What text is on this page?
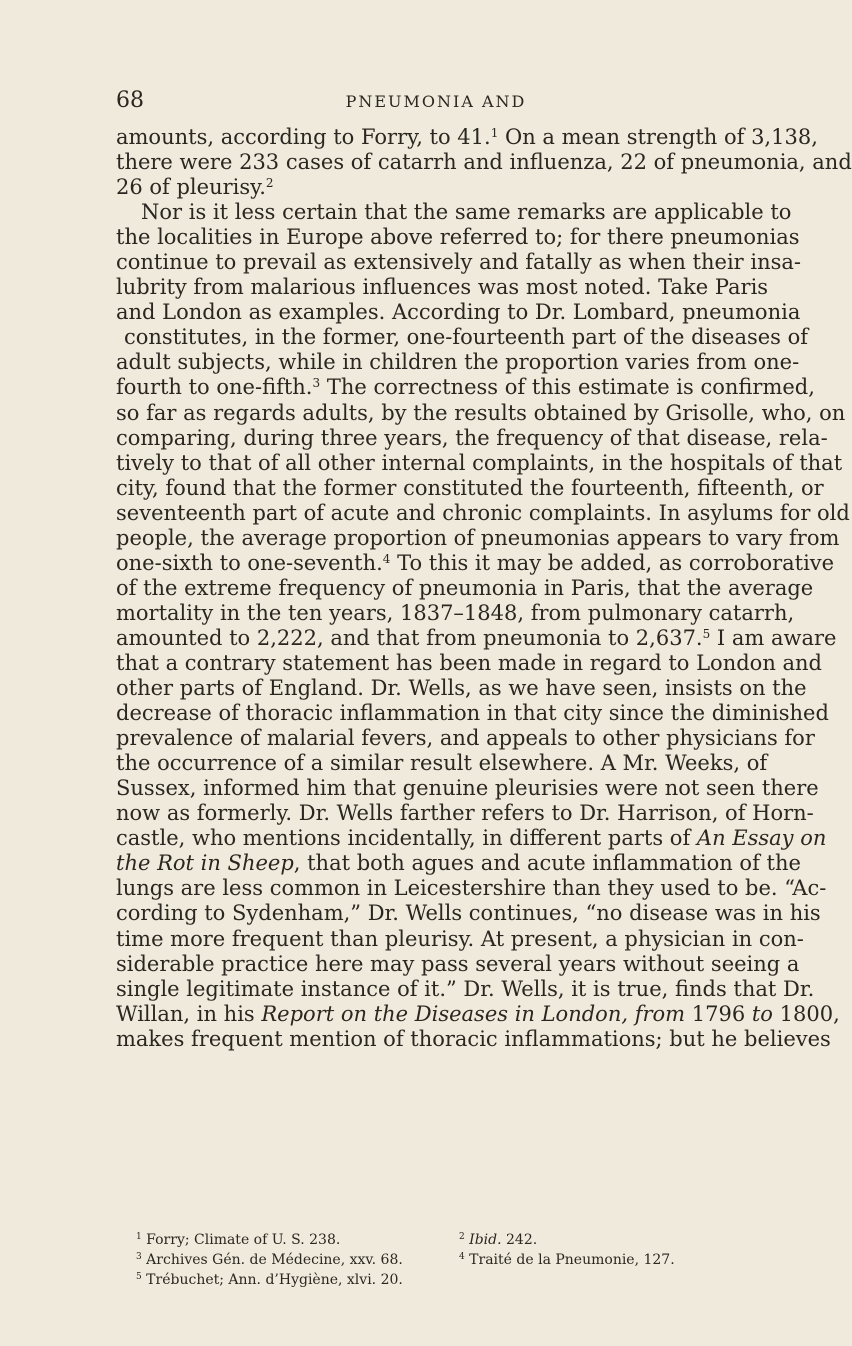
68	PNEUMONIA AND
amounts, according to Forry, to 41.$^1$ On a mean strength of 3,138,
there were 233 cases of catarrh and influenza, 22 of pneumonia, and
26 of pleurisy.$^2$
Nor is it less certain that the same remarks are applicable to
the localities in Europe above referred to; for there pneumonias
continue to prevail as extensively and fatally as when their insa-
lubrity from malarious influences was most noted. Take Paris
and London as examples. According to Dr. Lombard, pneumonia
constitutes, in the former, one-fourteenth part of the diseases of
adult subjects, while in children the proportion varies from one-
fourth to one-fifth.$^3$ The correctness of this estimate is confirmed,
so far as regards adults, by the results obtained by Grisolle, who, on
comparing, during three years, the frequency of that disease, rela-
tively to that of all other internal complaints, in the hospitals of that
city, found that the former constituted the fourteenth, fifteenth, or
seventeenth part of acute and chronic complaints. In asylums for old
people, the average proportion of pneumonias appears to vary from
one-sixth to one-seventh.$^4$ To this it may be added, as corroborative
of the extreme frequency of pneumonia in Paris, that the average
mortality in the ten years, 1837–1848, from pulmonary catarrh,
amounted to 2,222, and that from pneumonia to 2,637.$^5$ I am aware
that a contrary statement has been made in regard to London and
other parts of England. Dr. Wells, as we have seen, insists on the
decrease of thoracic inflammation in that city since the diminished
prevalence of malarial fevers, and appeals to other physicians for
the occurrence of a similar result elsewhere. A Mr. Weeks, of
Sussex, informed him that genuine pleurisies were not seen there
now as formerly. Dr. Wells farther refers to Dr. Harrison, of Horn-
castle, who mentions incidentally, in different parts of An Essay on
the Rot in Sheep, that both agues and acute inflammation of the
lungs are less common in Leicestershire than they used to be. “Ac-
cording to Sydenham,” Dr. Wells continues, “no disease was in his
time more frequent than pleurisy. At present, a physician in con-
siderable practice here may pass several years without seeing a
single legitimate instance of it.” Dr. Wells, it is true, finds that Dr.
Willan, in his Report on the Diseases in London, from 1796 to 1800,
makes frequent mention of thoracic inflammations; but he believes
$^1$ Forry; Climate of U. S. 238.	$^2$ Ibid. 242.
$^3$ Archives Gén. de Médecine, xxv. 68.	$^4$ Traité de la Pneumonie, 127.
$^5$ Trébuchet; Ann. d’Hygiène, xlvi. 20.
